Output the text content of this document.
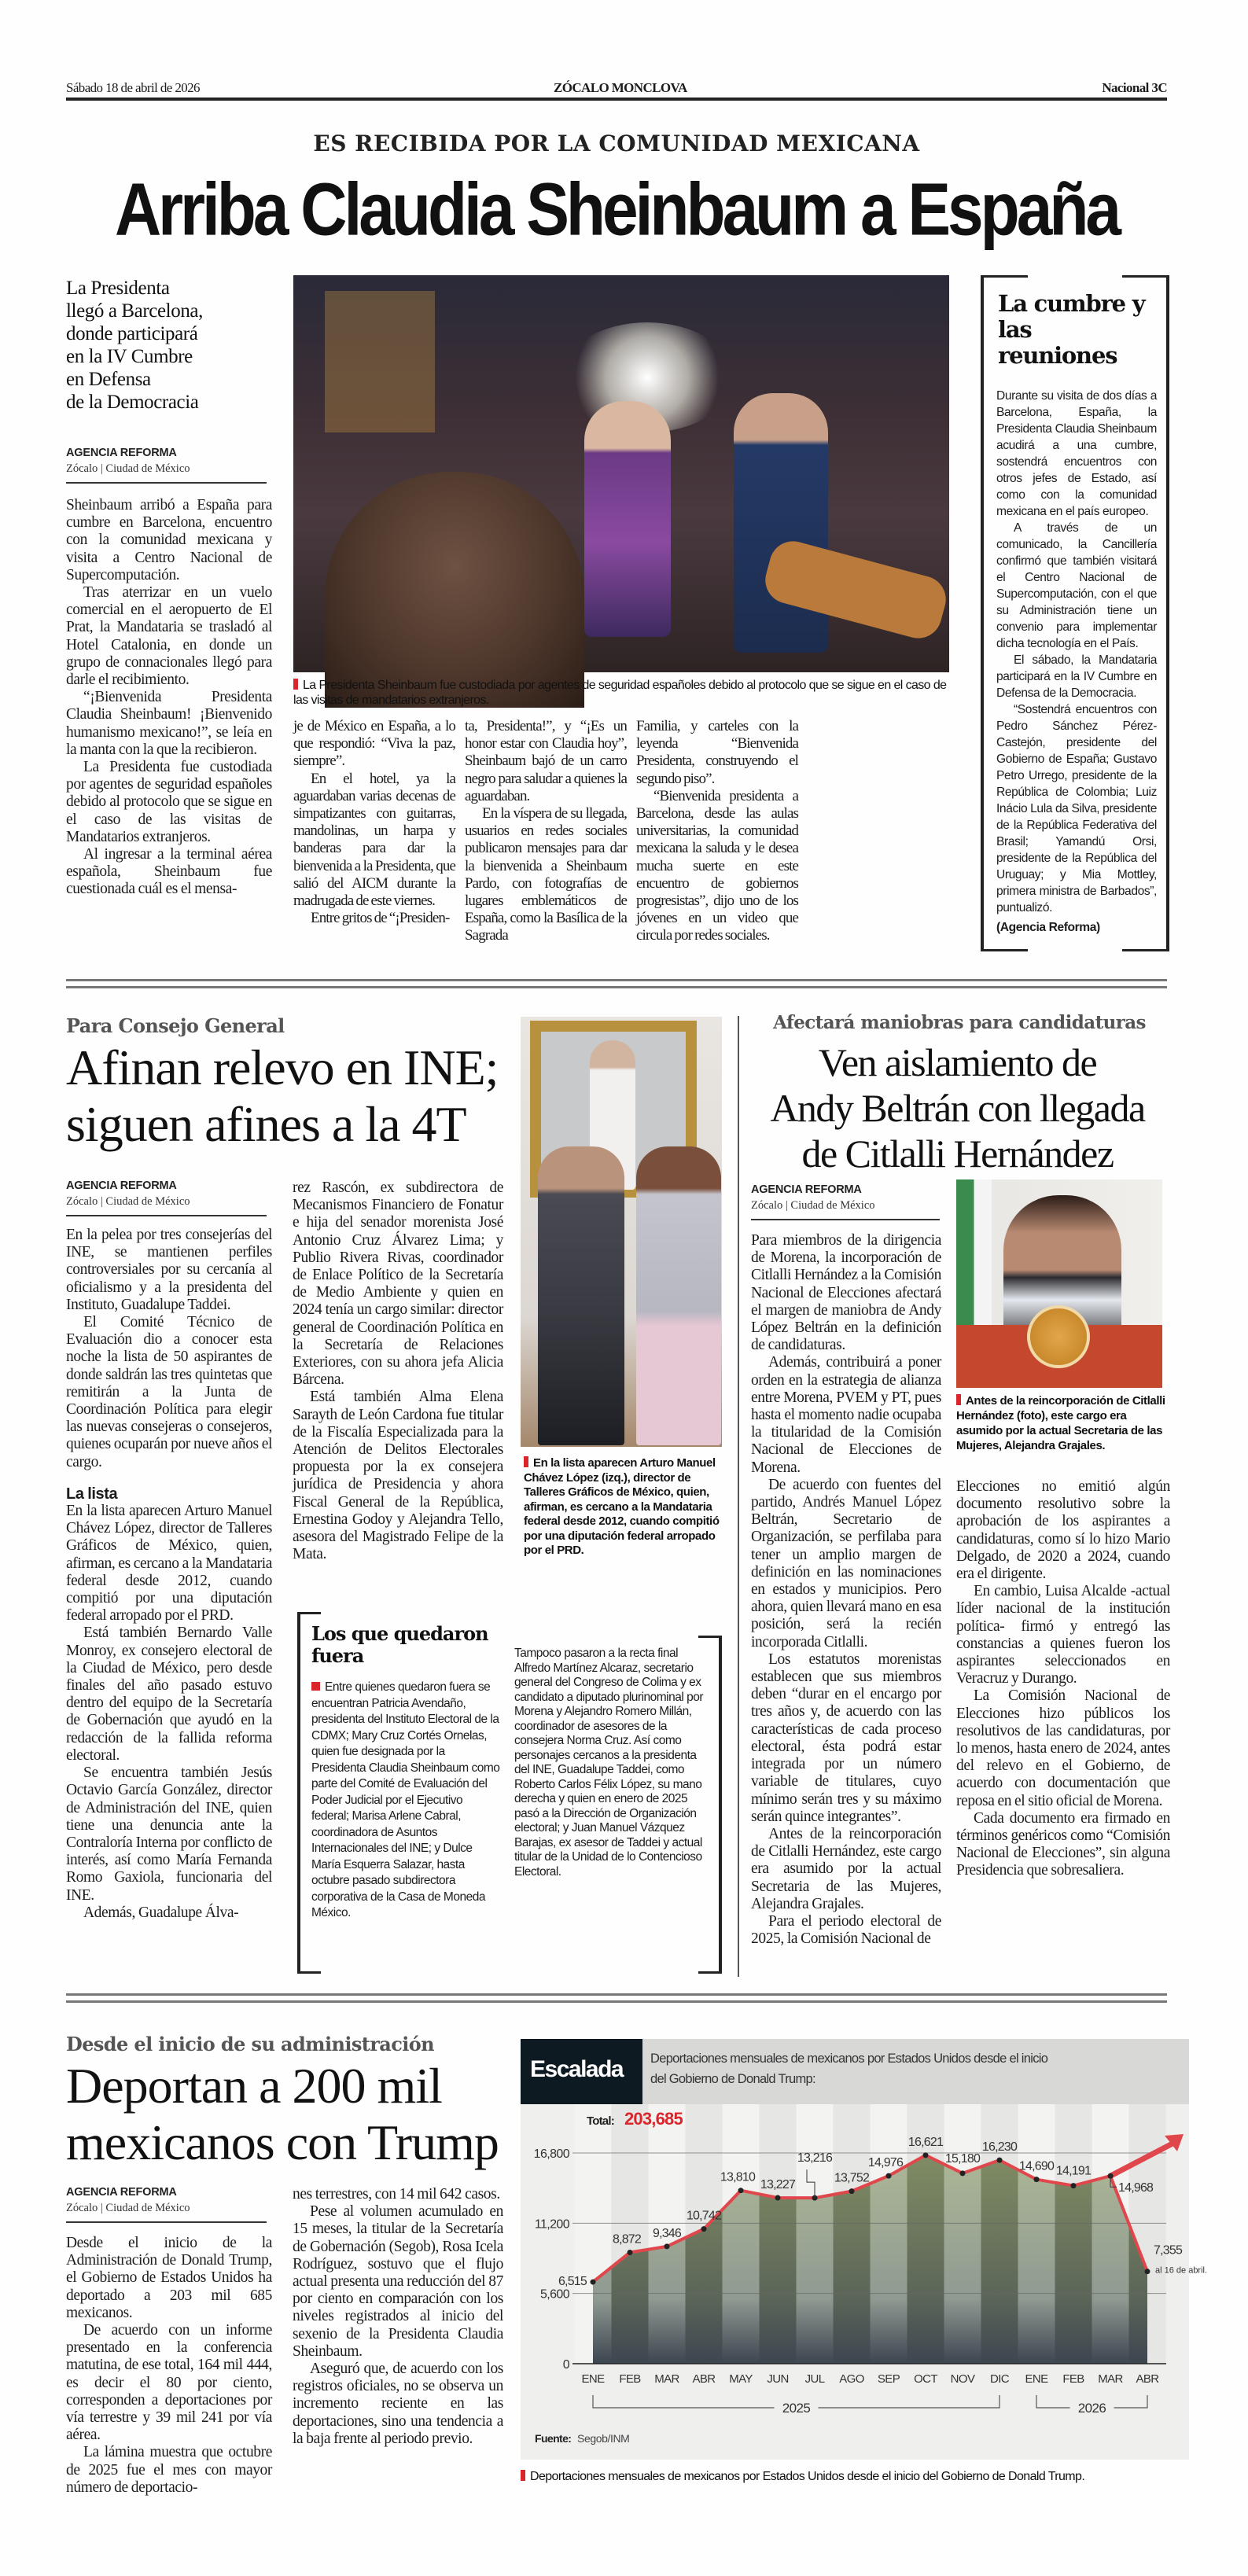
Sábado 18 de abril de 2026	ZÓCALO MONCLOVA	Nacional 3C
ES RECIBIDA POR LA COMUNIDAD MEXICANA
Arriba Claudia Sheinbaum a España
La Presidenta
llegó a Barcelona,
donde participará
en la IV Cumbre
en Defensa
de la Democracia
AGENCIA REFORMA
Zócalo | Ciudad de México

Sheinbaum arribó a España para cumbre en Barcelona, encuentro con la comunidad mexicana y visita a Centro Nacional de Supercomputación.

Tras aterrizar en un vuelo comercial en el aeropuerto de El Prat, la Mandataria se trasladó al Hotel Catalonia, en donde un grupo de connacionales llegó para darle el recibimiento.

“¡Bienvenida Presidenta Claudia Sheinbaum! ¡Bienvenido humanismo mexicano!”, se leía en la manta con la que la recibieron.

La Presidenta fue custodiada por agentes de seguridad españoles debido al protocolo que se sigue en el caso de las visitas de Mandatarios extranjeros.

Al ingresar a la terminal aérea española, Sheinbaum fue cuestionada cuál es el mensa-

La Presidenta Sheinbaum fue custodiada por agentes de seguridad españoles debido al protocolo que se sigue en el caso de las visitas de mandatarios extranjeros.

je de México en España, a lo que respondió: “Viva la paz, siempre”.

En el hotel, ya la aguardaban varias decenas de simpatizantes con guitarras, mandolinas, un harpa y banderas para dar la bienvenida a la Presidenta, que salió del AICM durante la madrugada de este viernes.

Entre gritos de “¡Presiden-

ta, Presidenta!”, y “¡Es un honor estar con Claudia hoy”, Sheinbaum bajó de un carro negro para saludar a quienes la aguardaban.

En la víspera de su llegada, usuarios en redes sociales publicaron mensajes para dar la bienvenida a Sheinbaum Pardo, con fotografías de lugares emblemáticos de España, como la Basílica de la Sagrada

Familia, y carteles con la leyenda “Bienvenida Presidenta, construyendo el segundo piso”.

“Bienvenida presidenta a Barcelona, desde las aulas universitarias, la comunidad mexicana la saluda y le desea mucha suerte en este encuentro de gobiernos progresistas”, dijo uno de los jóvenes en un video que circula por redes sociales.

La cumbre y las reuniones

Durante su visita de dos días a Barcelona, España, la Presidenta Claudia Sheinbaum acudirá a una cumbre, sostendrá encuentros con otros jefes de Estado, así como con la comunidad mexicana en el país europeo.

A través de un comunicado, la Cancillería confirmó que también visitará el Centro Nacional de Supercomputación, con el que su Administración tiene un convenio para implementar dicha tecnología en el País.

El sábado, la Mandataria participará en la IV Cumbre en Defensa de la Democracia.

“Sostendrá encuentros con Pedro Sánchez Pérez-Castejón, presidente del Gobierno de España; Gustavo Petro Urrego, presidente de la República de Colombia; Luiz Inácio Lula da Silva, presidente de la República Federativa del Brasil; Yamandú Orsi, presidente de la República del Uruguay; y Mia Mottley, primera ministra de Barbados”, puntualizó.

(Agencia Reforma)

Para Consejo General
Afinan relevo en INE; siguen afines a la 4T
AGENCIA REFORMA
Zócalo | Ciudad de México

En la pelea por tres consejerías del INE, se mantienen perfiles controversiales por su cercanía al oficialismo y a la presidenta del Instituto, Guadalupe Taddei.

El Comité Técnico de Evaluación dio a conocer esta noche la lista de 50 aspirantes de donde saldrán las tres quintetas que remitirán a la Junta de Coordinación Política para elegir las nuevas consejeras o consejeros, quienes ocuparán por nueve años el cargo.

La lista

En la lista aparecen Arturo Manuel Chávez López, director de Talleres Gráficos de México, quien, afirman, es cercano a la Mandataria federal desde 2012, cuando compitió por una diputación federal arropado por el PRD.

Está también Bernardo Valle Monroy, ex consejero electoral de la Ciudad de México, pero desde finales del año pasado estuvo dentro del equipo de la Secretaría de Gobernación que ayudó en la redacción de la fallida reforma electoral.

Se encuentra también Jesús Octavio García González, director de Administración del INE, quien tiene una denuncia ante la Contraloría Interna por conflicto de interés, así como María Fernanda Romo Gaxiola, funcionaria del INE.

Además, Guadalupe Álva-

rez Rascón, ex subdirectora de Mecanismos Financiero de Fonatur e hija del senador morenista José Antonio Cruz Álvarez Lima; y Publio Rivera Rivas, coordinador de Enlace Político de la Secretaría de Medio Ambiente y quien en 2024 tenía un cargo similar: director general de Coordinación Política en la Secretaría de Relaciones Exteriores, con su ahora jefa Alicia Bárcena.

Está también Alma Elena Sarayth de León Cardona fue titular de la Fiscalía Especializada para la Atención de Delitos Electorales propuesta por la ex consejera jurídica de Presidencia y ahora Fiscal General de la República, Ernestina Godoy y Alejandra Tello, asesora del Magistrado Felipe de la Mata.

Los que quedaron fuera
Entre quienes quedaron fuera se encuentran Patricia Avendaño, presidenta del Instituto Electoral de la CDMX; Mary Cruz Cortés Ornelas, quien fue designada por la Presidenta Claudia Sheinbaum como parte del Comité de Evaluación del Poder Judicial por el Ejecutivo federal; Marisa Arlene Cabral, coordinadora de Asuntos Internacionales del INE; y Dulce María Esquerra Salazar, hasta octubre pasado subdirectora corporativa de la Casa de Moneda México.
Tampoco pasaron a la recta final Alfredo Martínez Alcaraz, secretario general del Congreso de Colima y ex candidato a diputado plurinominal por Morena y Alejandro Romero Millán, coordinador de asesores de la consejera Norma Cruz. Así como personajes cercanos a la presidenta del INE, Guadalupe Taddei, como Roberto Carlos Félix López, su mano derecha y quien en enero de 2025 pasó a la Dirección de Organización electoral; y Juan Manuel Vázquez Barajas, ex asesor de Taddei y actual titular de la Unidad de lo Contencioso Electoral.
En la lista aparecen Arturo Manuel Chávez López (izq.), director de Talleres Gráficos de México, quien, afirman, es cercano a la Mandataria federal desde 2012, cuando compitió por una diputación federal arropado por el PRD.
Afectará maniobras para candidaturas
Ven aislamiento de
Andy Beltrán con llegada
de Citlalli Hernández
AGENCIA REFORMA
Zócalo | Ciudad de México

Para miembros de la dirigencia de Morena, la incorporación de Citlalli Hernández a la Comisión Nacional de Elecciones afectará el margen de maniobra de Andy López Beltrán en la definición de candidaturas.

Además, contribuirá a poner orden en la estrategia de alianza entre Morena, PVEM y PT, pues hasta el momento nadie ocupaba la titularidad de la Comisión Nacional de Elecciones de Morena.

De acuerdo con fuentes del partido, Andrés Manuel López Beltrán, Secretario de Organización, se perfilaba para tener un amplio margen de definición en las nominaciones en estados y municipios. Pero ahora, quien llevará mano en esa posición, será la recién incorporada Citlalli.

Los estatutos morenistas establecen que sus miembros deben “durar en el encargo por tres años y, de acuerdo con las características de cada proceso electoral, ésta podrá estar integrada por un número variable de titulares, cuyo mínimo serán tres y su máximo serán quince integrantes”.

Antes de la reincorporación de Citlalli Hernández, este cargo era asumido por la actual Secretaria de las Mujeres, Alejandra Grajales.

Para el periodo electoral de 2025, la Comisión Nacional de

Antes de la reincorporación de Citlalli Hernández (foto), este cargo era asumido por la actual Secretaria de las Mujeres, Alejandra Grajales.

Elecciones no emitió algún documento resolutivo sobre la aprobación de los aspirantes a candidaturas, como sí lo hizo Mario Delgado, de 2020 a 2024, cuando era el dirigente.

En cambio, Luisa Alcalde -actual líder nacional de la institución política- firmó y entregó las constancias a quienes fueron los aspirantes seleccionados en Veracruz y Durango.

La Comisión Nacional de Elecciones hizo públicos los resolutivos de las candidaturas, por lo menos, hasta enero de 2024, antes del relevo en el Gobierno, de acuerdo con documentación que reposa en el sitio oficial de Morena.

Cada documento era firmado en términos genéricos como “Comisión Nacional de Elecciones”, sin alguna Presidencia que sobresaliera.

Desde el inicio de su administración
Deportan a 200 mil
mexicanos con Trump
AGENCIA REFORMA
Zócalo | Ciudad de México

Desde el inicio de la Administración de Donald Trump, el Gobierno de Estados Unidos ha deportado a 203 mil 685 mexicanos.

De acuerdo con un informe presentado en la conferencia matutina, de ese total, 164 mil 444, es decir el 80 por ciento, corresponden a deportaciones por vía terrestre y 39 mil 241 por vía aérea.

La lámina muestra que octubre de 2025 fue el mes con mayor número de deportacio-

nes terrestres, con 14 mil 642 casos.

Pese al volumen acumulado en 15 meses, la titular de la Secretaría de Gobernación (Segob), Rosa Icela Rodríguez, sostuvo que el flujo actual presenta una reducción del 87 por ciento en comparación con los niveles registrados al inicio del sexenio de la Presidenta Claudia Sheinbaum.

Aseguró que, de acuerdo con los registros oficiales, no se observa un incremento reciente en las deportaciones, sino una tendencia a la baja frente al periodo previo.

Escalada Deportaciones mensuales de mexicanos por Estados Unidos desde el inicio del Gobierno de Donald Trump:
0
5,600
11,200
16,800
6,515
8,872 9,346
10,742
13,810
13,227
13,216
13,752
14,976
16,621
15,180
16,230
14,690 14,191
14,968
7,355
al 16 de abril.
Total: 203,685
ENE FEB MAR ABR MAY JUN JUL AGO SEP OCT NOV DIC ENE FEB MAR ABR
2025	2026
Fuente: Segob/INM
Deportaciones mensuales de mexicanos por Estados Unidos desde el inicio del Gobierno de Donald Trump.
